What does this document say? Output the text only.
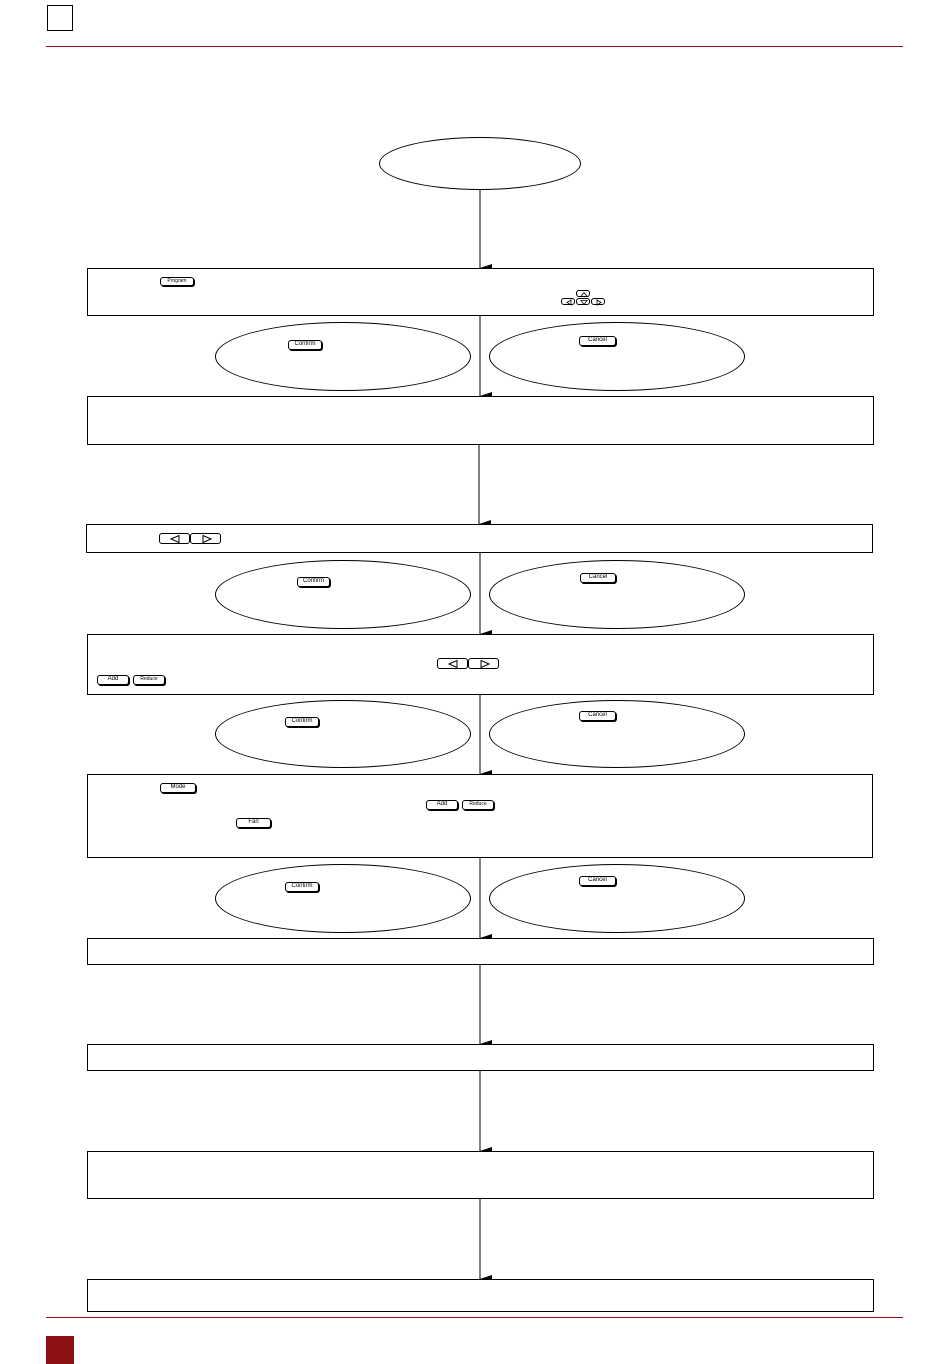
Program
Confirm
Cancel
Confirm
Cancel
Add	Reduce
Confirm
Cancel
Mode
Add	Reduce
Fan
Confirm
Cancel
